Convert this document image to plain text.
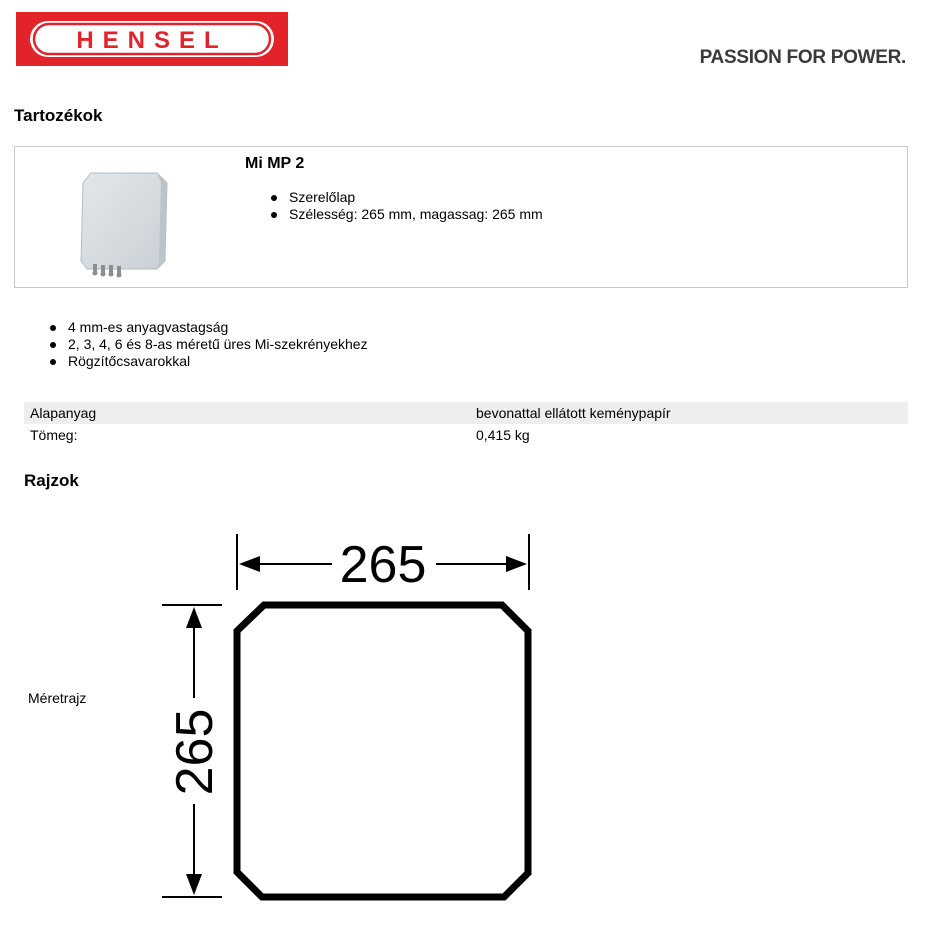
HENSEL
PASSION FOR POWER.
Tartozékok
Mi MP 2
Szerelőlap
Szélesség: 265 mm, magassag: 265 mm
4 mm-es anyagvastagság
2, 3, 4, 6 és 8-as méretű üres Mi-szekrényekhez
Rögzítőcsavarokkal
Alapanyag	bevonattal ellátott keménypapír
Tömeg:	0,415 kg
Rajzok
Méretrajz
265
265
